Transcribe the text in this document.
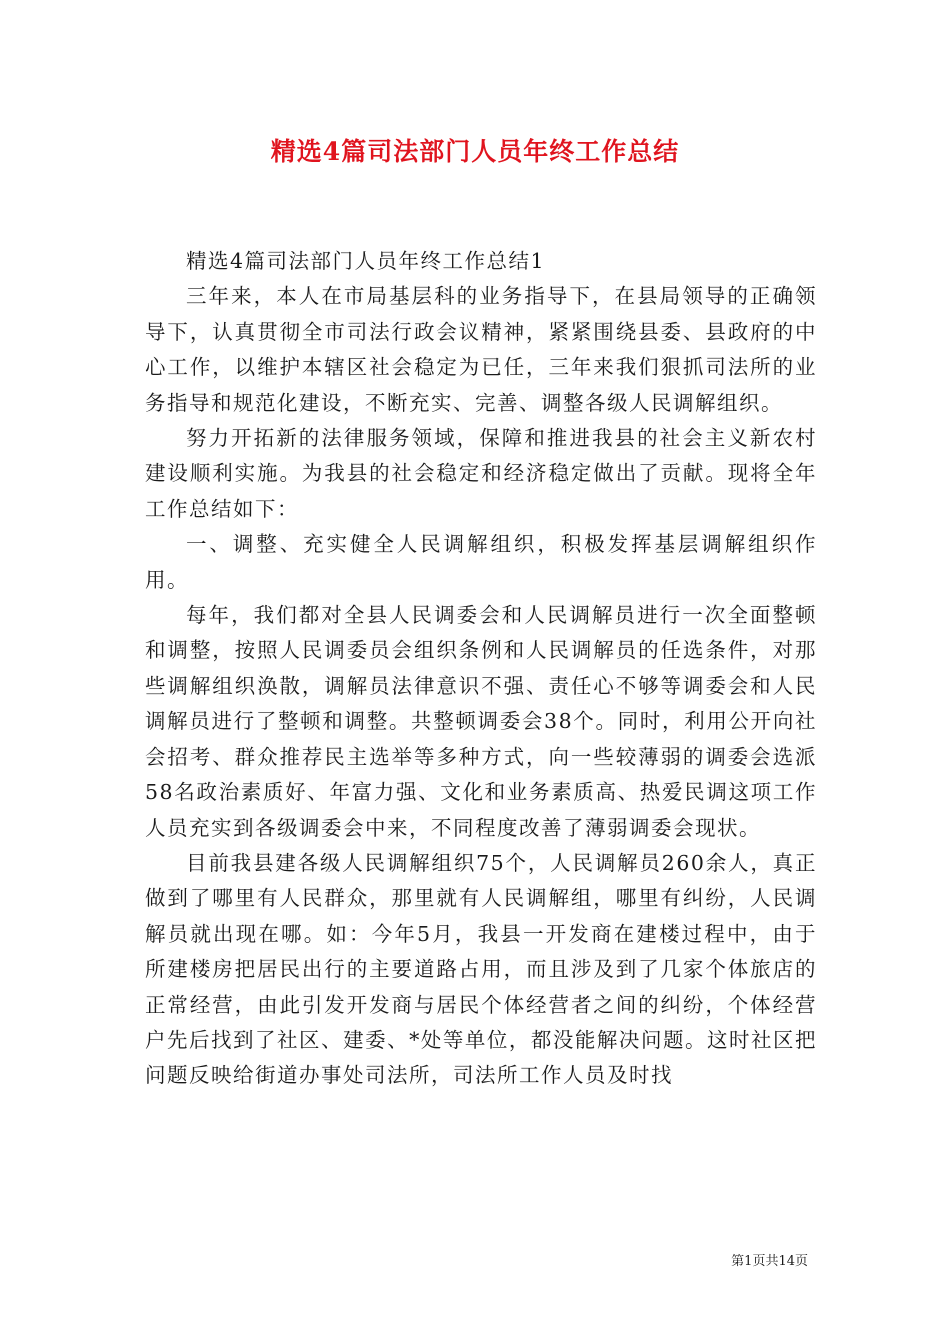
精选4篇司法部门人员年终工作总结

精选4篇司法部门人员年终工作总结1

三年来，本人在市局基层科的业务指导下，在县局领导的正确领导下，认真贯彻全市司法行政会议精神，紧紧围绕县委、县政府的中心工作，以维护本辖区社会稳定为已任，三年来我们狠抓司法所的业务指导和规范化建设，不断充实、完善、调整各级人民调解组织。

努力开拓新的法律服务领域，保障和推进我县的社会主义新农村建设顺利实施。为我县的社会稳定和经济稳定做出了贡献。现将全年工作总结如下：

一、调整、充实健全人民调解组织，积极发挥基层调解组织作用。

每年，我们都对全县人民调委会和人民调解员进行一次全面整顿和调整，按照人民调委员会组织条例和人民调解员的任选条件，对那些调解组织涣散，调解员法律意识不强、责任心不够等调委会和人民调解员进行了整顿和调整。共整顿调委会38个。同时，利用公开向社会招考、群众推荐民主选举等多种方式，向一些较薄弱的调委会选派58名政治素质好、年富力强、文化和业务素质高、热爱民调这项工作人员充实到各级调委会中来，不同程度改善了薄弱调委会现状。

目前我县建各级人民调解组织75个，人民调解员260余人，真正做到了哪里有人民群众，那里就有人民调解组，哪里有纠纷，人民调解员就出现在哪。如：今年5月，我县一开发商在建楼过程中，由于所建楼房把居民出行的主要道路占用，而且涉及到了几家个体旅店的正常经营，由此引发开发商与居民个体经营者之间的纠纷，个体经营户先后找到了社区、建委、*处等单位，都没能解决问题。这时社区把问题反映给街道办事处司法所，司法所工作人员及时找

第1页共14页
